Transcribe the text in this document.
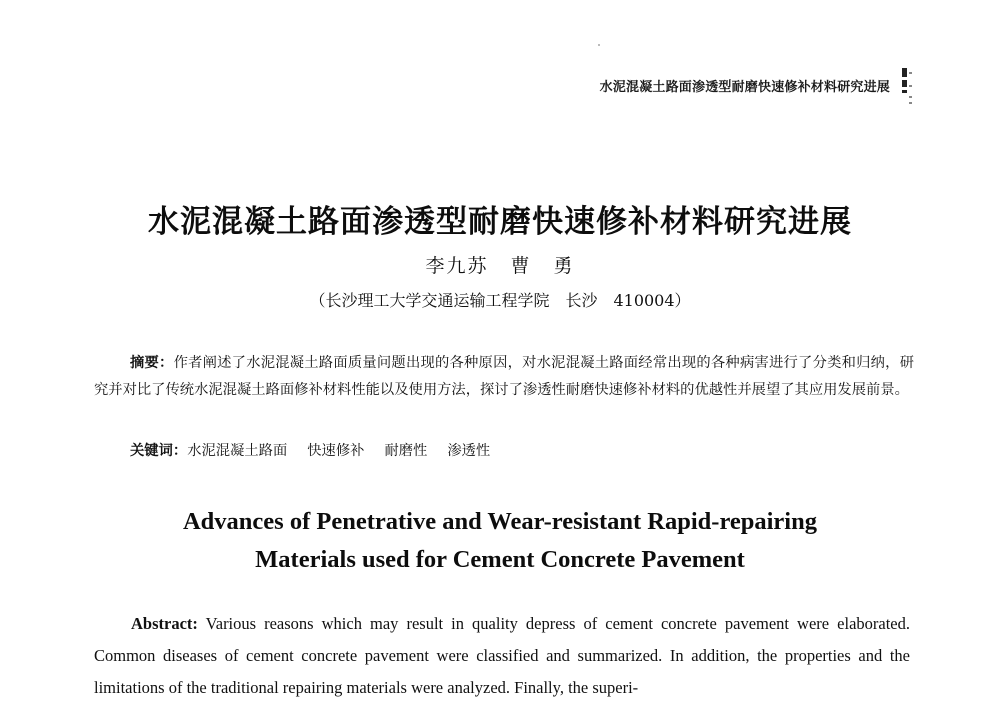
水泥混凝土路面渗透型耐磨快速修补材料研究进展
水泥混凝土路面渗透型耐磨快速修补材料研究进展
李九苏 曹 勇
（长沙理工大学交通运输工程学院　长沙　410004）
摘要：作者阐述了水泥混凝土路面质量问题出现的各种原因，对水泥混凝土路面经常出现的各种病害进行了分类和归纳，研究并对比了传统水泥混凝土路面修补材料性能以及使用方法，探讨了渗透性耐磨快速修补材料的优越性并展望了其应用发展前景。
关键词：水泥混凝土路面 快速修补 耐磨性 渗透性
Advances of Penetrative and Wear-resistant Rapid-repairing
Materials used for Cement Concrete Pavement
Abstract: Various reasons which may result in quality depress of cement concrete pavement were elaborated. Common diseases of cement concrete pavement were classified and summarized. In addition, the properties and the limitations of the traditional repairing materials were analyzed. Finally, the superi-
